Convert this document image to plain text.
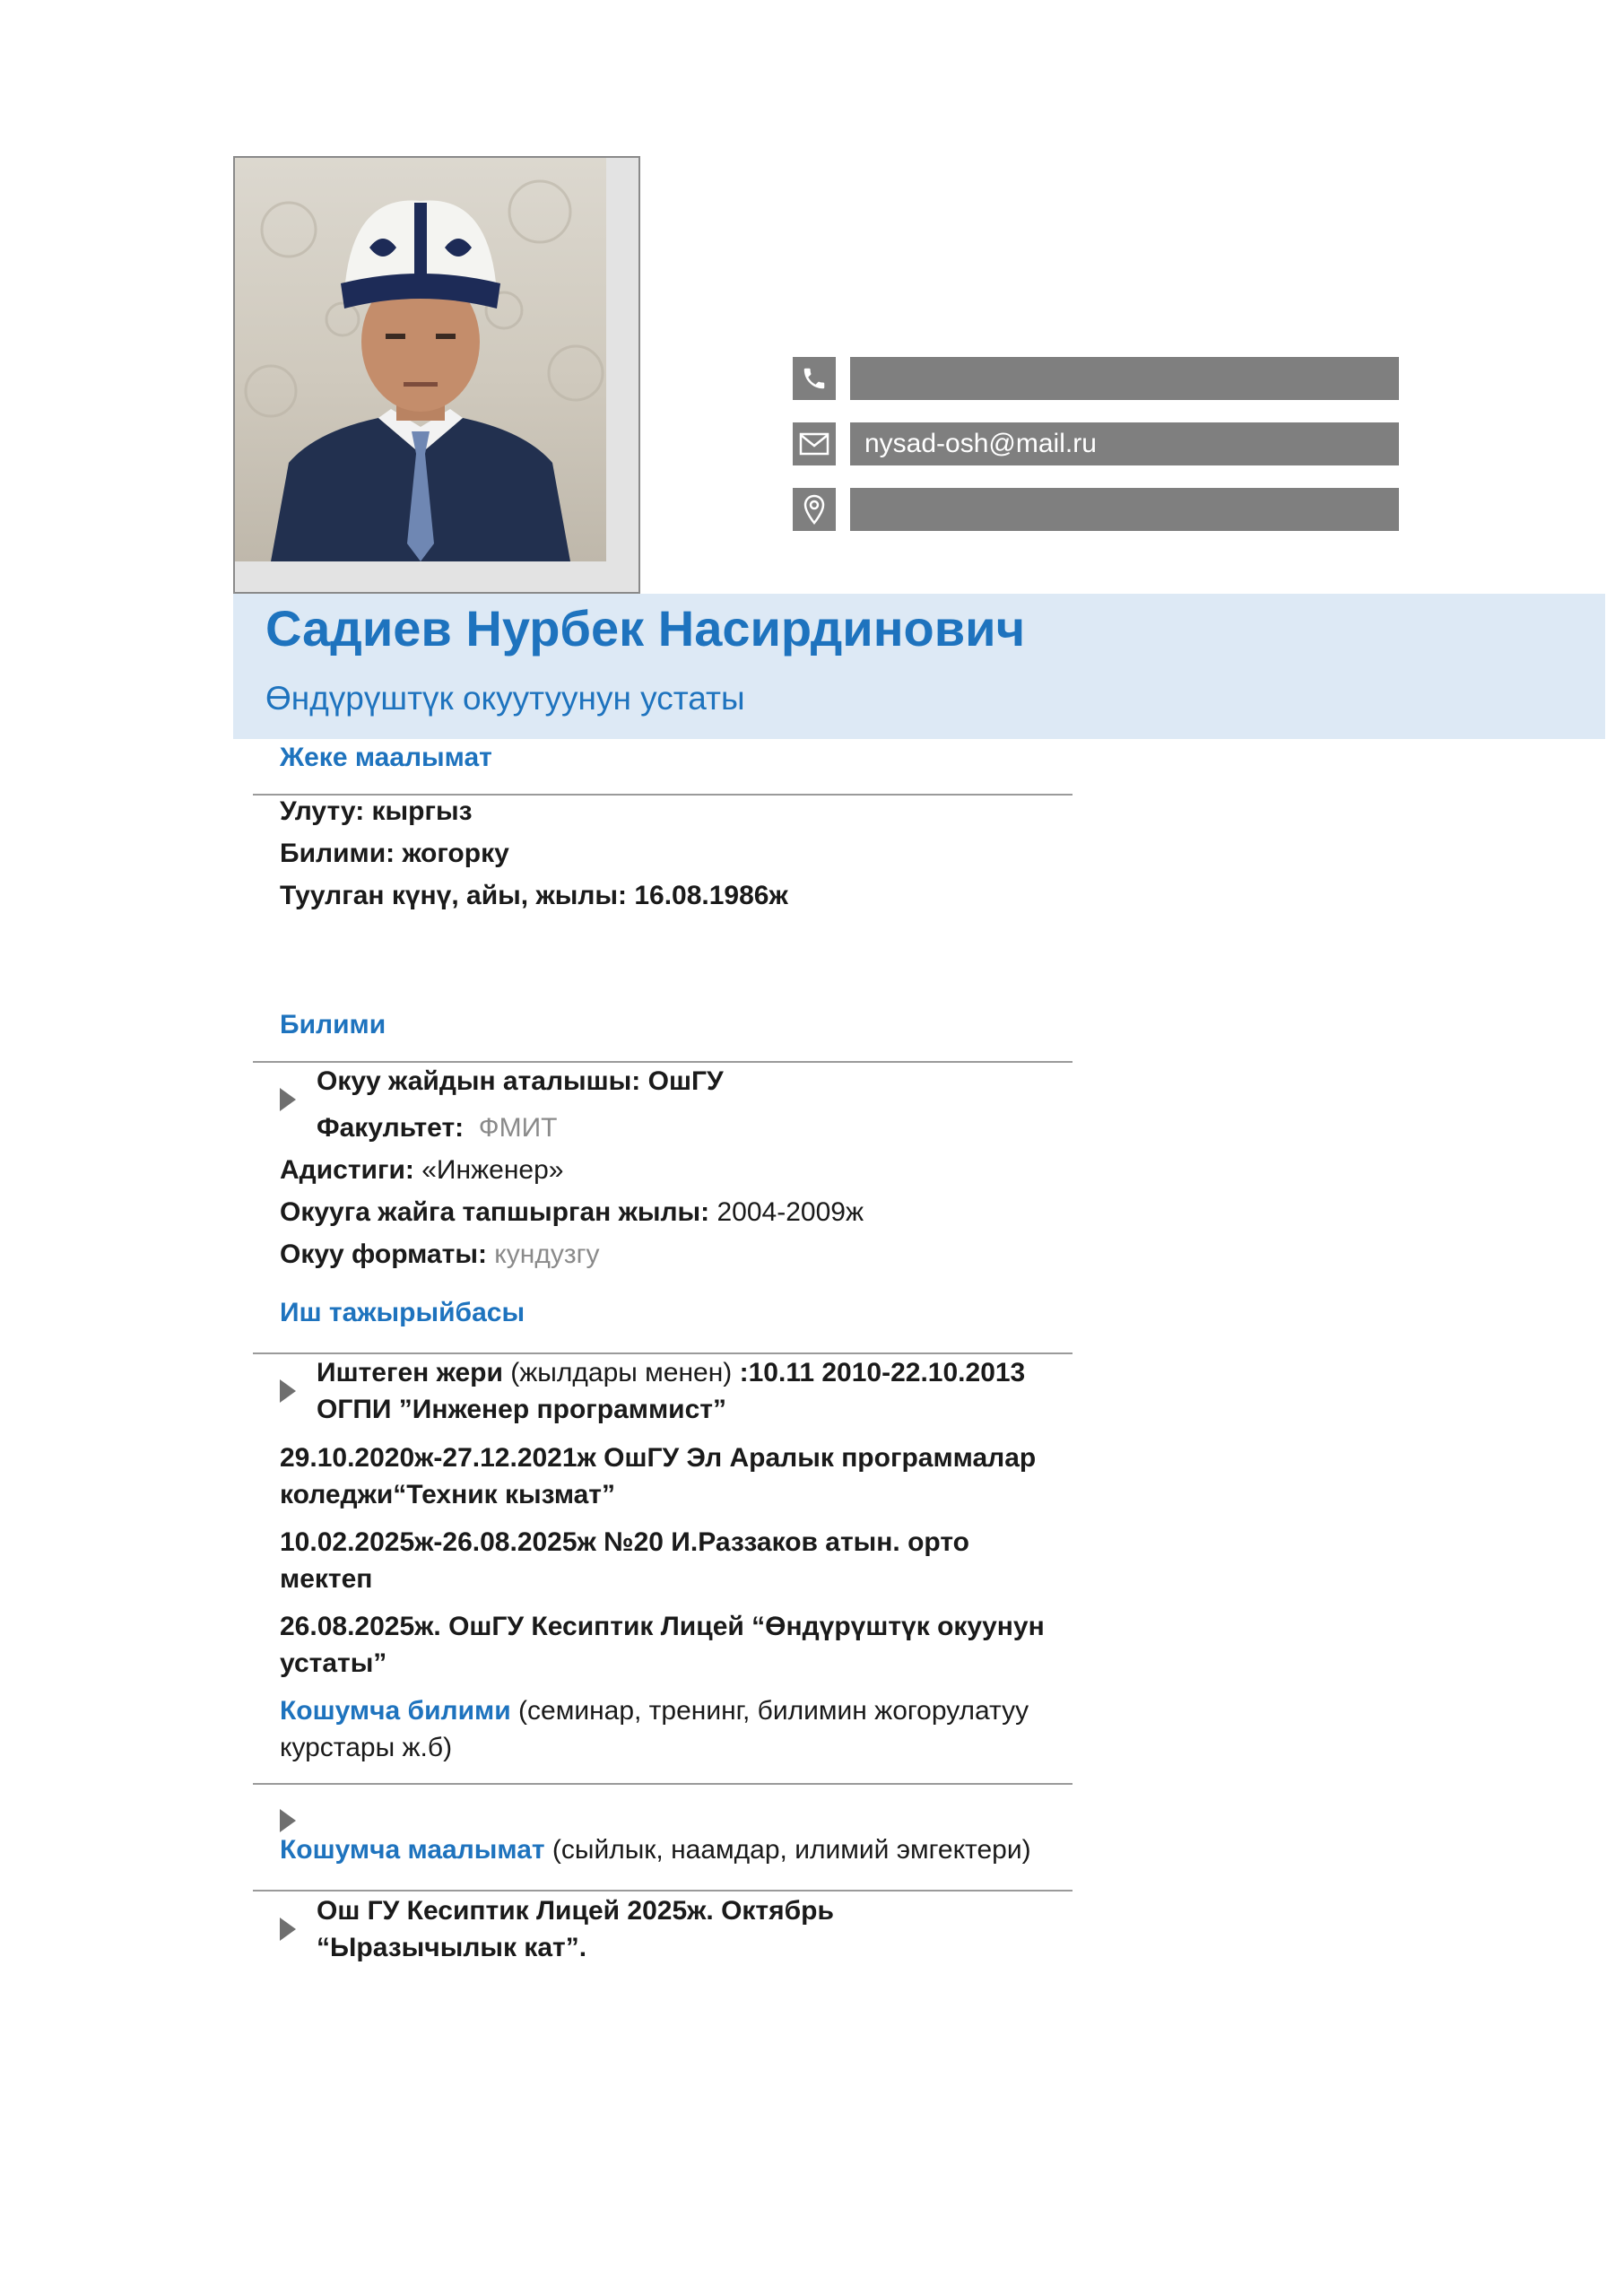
nysad-osh@mail.ru
Садиев Нурбек Насирдинович
Өндүрүштүк окуутуунун устаты
Жеке маалымат
Улуту: кыргыз
Билими: жогорку
Туулган күнү, айы, жылы: 16.08.1986ж
Билими
Окуу жайдын аталышы: ОшГУ
Факультет: ФМИТ
Адистиги: «Инженер»
Окууга жайга тапшырган жылы: 2004-2009ж
Окуу форматы: кундузгу
Иш тажырыйбасы
Иштеген жери (жылдары менен) :10.11 2010-22.10.2013
ОГПИ ”Инженер программист”
29.10.2020ж-27.12.2021ж ОшГУ Эл Аралык программалар
коледжи“Техник кызмат”
10.02.2025ж-26.08.2025ж №20 И.Раззаков атын. орто
мектеп
26.08.2025ж. ОшГУ Кесиптик Лицей “Өндүрүштүк окуунун
устаты”
Кошумча билими (семинар, тренинг, билимин жогорулатуу
курстары ж.б)
Кошумча маалымат (сыйлык, наамдар, илимий эмгектери)
Ош ГУ Кесиптик Лицей 2025ж. Октябрь
“Ыразычылык кат”.
